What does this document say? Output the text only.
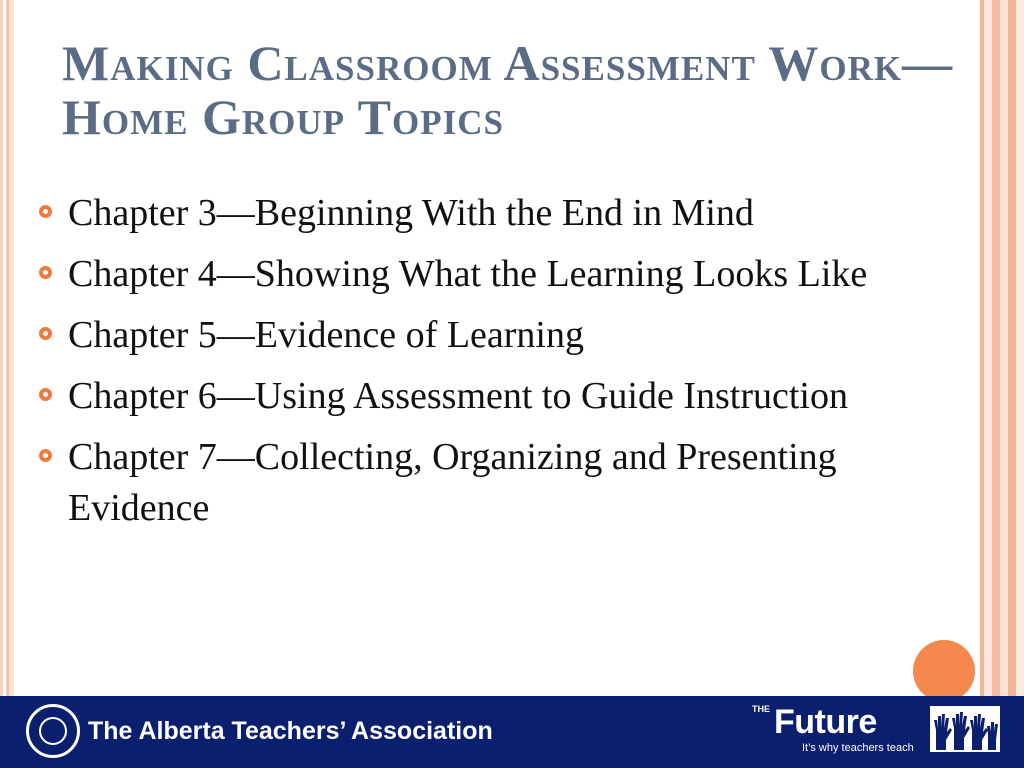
Making Classroom Assessment Work—Home Group Topics
Chapter 3—Beginning With the End in Mind
Chapter 4—Showing What the Learning Looks Like
Chapter 5—Evidence of Learning
Chapter 6—Using Assessment to Guide Instruction
Chapter 7—Collecting, Organizing and Presenting Evidence
The Alberta Teachers’ Association
THE Future
It’s why teachers teach
